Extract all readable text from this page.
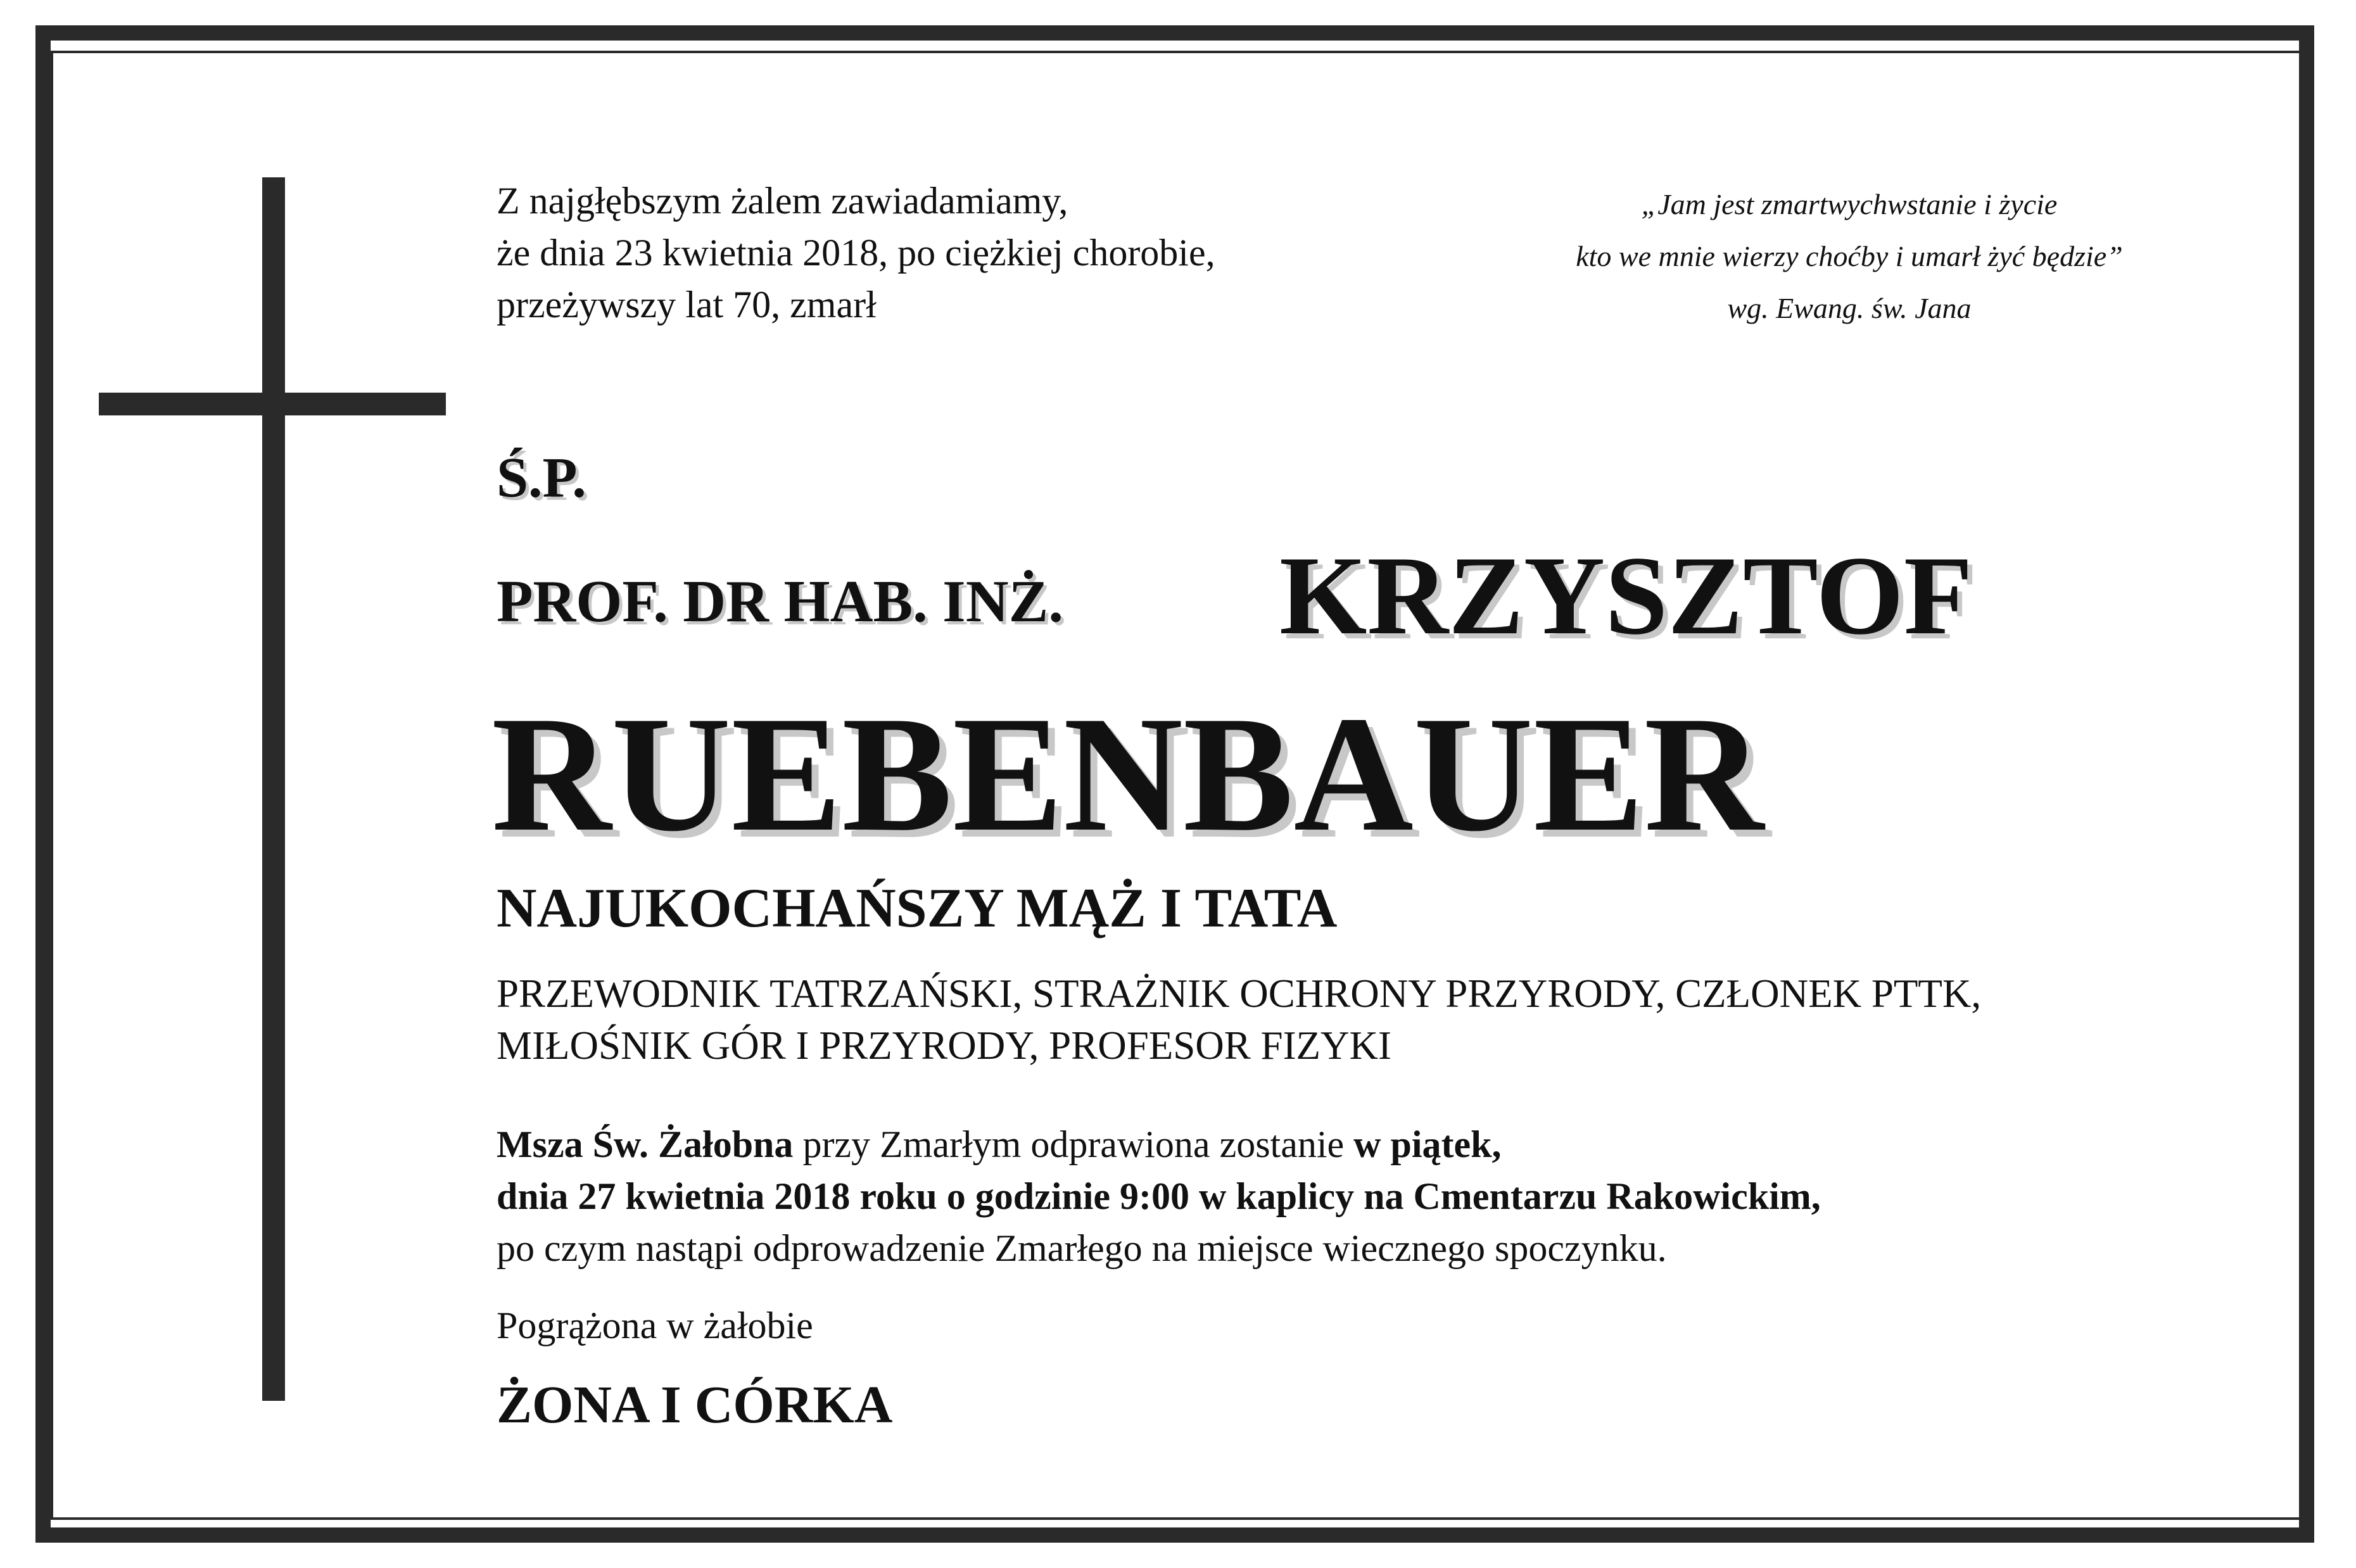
Z najgłębszym żalem zawiadamiamy,
że dnia 23 kwietnia 2018, po ciężkiej chorobie,
przeżywszy lat 70, zmarł
„Jam jest zmartwychwstanie i życie
kto we mnie wierzy choćby i umarł żyć będzie”
wg. Ewang. św. Jana
Ś.P.
PROF. DR HAB. INŻ. KRZYSZTOF
RUEBENBAUER
NAJUKOCHAŃSZY MĄŻ I TATA
PRZEWODNIK TATRZAŃSKI, STRAŻNIK OCHRONY PRZYRODY, CZŁONEK PTTK,
MIŁOŚNIK GÓR I PRZYRODY, PROFESOR FIZYKI
Msza Św. Żałobna przy Zmarłym odprawiona zostanie w piątek,
dnia 27 kwietnia 2018 roku o godzinie 9:00 w kaplicy na Cmentarzu Rakowickim,
po czym nastąpi odprowadzenie Zmarłego na miejsce wiecznego spoczynku.
Pogrążona w żałobie
ŻONA I CÓRKA
